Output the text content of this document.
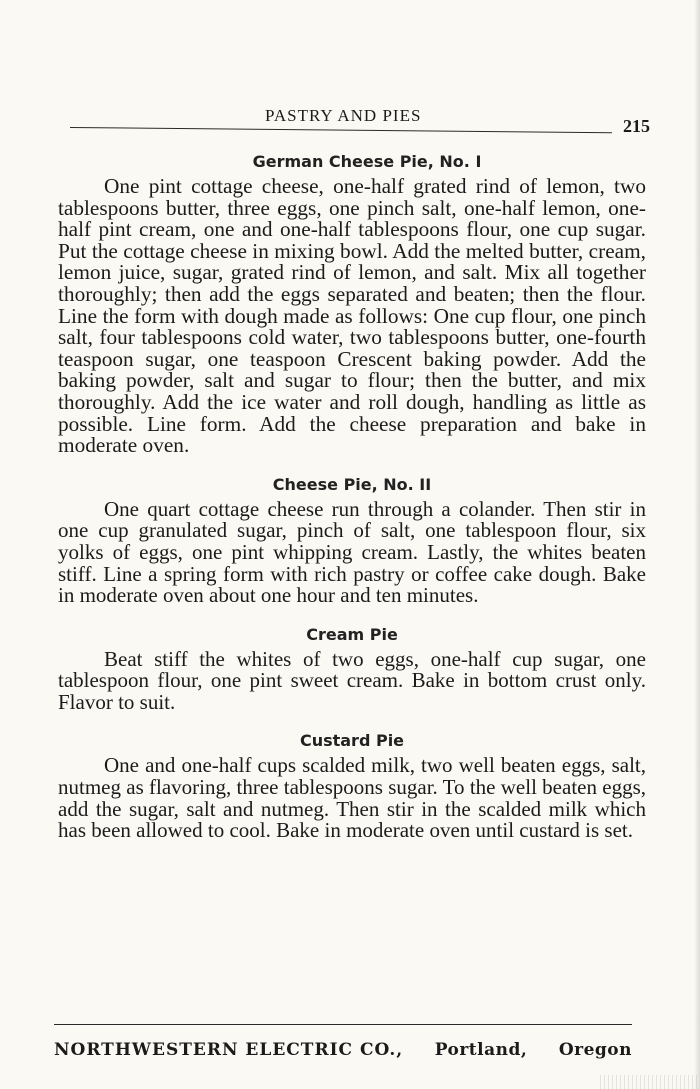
PASTRY AND PIES
215
German Cheese Pie, No. I

One pint cottage cheese, one-half grated rind of lemon, two tablespoons butter, three eggs, one pinch salt, one-half lemon, one-half pint cream, one and one-half tablespoons flour, one cup sugar. Put the cottage cheese in mixing bowl. Add the melted butter, cream, lemon juice, sugar, grated rind of lemon, and salt. Mix all together thoroughly; then add the eggs separated and beaten; then the flour. Line the form with dough made as follows: One cup flour, one pinch salt, four tablespoons cold water, two tablespoons butter, one-fourth teaspoon sugar, one teaspoon Crescent baking powder. Add the baking powder, salt and sugar to flour; then the butter, and mix thoroughly. Add the ice water and roll dough, handling as little as possible. Line form. Add the cheese preparation and bake in moderate oven.

Cheese Pie, No. II

One quart cottage cheese run through a colander. Then stir in one cup granulated sugar, pinch of salt, one tablespoon flour, six yolks of eggs, one pint whipping cream. Lastly, the whites beaten stiff. Line a spring form with rich pastry or coffee cake dough. Bake in moderate oven about one hour and ten minutes.

Cream Pie

Beat stiff the whites of two eggs, one-half cup sugar, one tablespoon flour, one pint sweet cream. Bake in bottom crust only. Flavor to suit.

Custard Pie

One and one-half cups scalded milk, two well beaten eggs, salt, nutmeg as flavoring, three tablespoons sugar. To the well beaten eggs, add the sugar, salt and nutmeg. Then stir in the scalded milk which has been allowed to cool. Bake in moderate oven until custard is set.

NORTHWESTERN ELECTRIC CO., Portland, Oregon
